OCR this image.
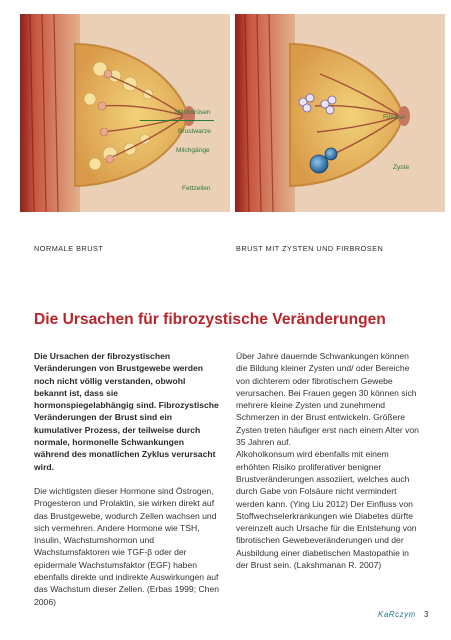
Milchdrüsen
Brustwarze
Milchgänge
Fettzellen
Fibrose
Zyste
NORMALE BRUST	BRUST MIT ZYSTEN UND FIRBROSEN
Die Ursachen für fibrozystische Veränderungen

Die Ursachen der fibrozystischen Veränderungen von Brustgewebe werden noch nicht völlig verstanden, obwohl bekannt ist, dass sie hormonspiegelabhängig sind. Fibrozystische Veränderungen der Brust sind ein kumulativer Prozess, der teilweise durch normale, hormonelle Schwankungen während des monatlichen Zyklus verursacht wird.

Die wichtigsten dieser Hormone sind Östrogen, Progesteron und Prolaktin, sie wirken direkt auf das Brustgewebe, wodurch Zellen wachsen und sich vermehren. Andere Hormone wie TSH, Insulin, Wachstumshormon und Wachstumsfaktoren wie TGF-β oder der epidermale Wachstumsfaktor (EGF) haben ebenfalls direkte und indirekte Auswirkungen auf das Wachstum dieser Zellen. (Erbas 1999; Chen 2006)

Über Jahre dauernde Schwankungen können die Bildung kleiner Zysten und/ oder Bereiche von dichterem oder fibrotischem Gewebe verursachen. Bei Frauen gegen 30 können sich mehrere kleine Zysten und zunehmend Schmerzen in der Brust entwickeln. Größere Zysten treten häufiger erst nach einem Alter von 35 Jahren auf.

Alkoholkonsum wird ebenfalls mit einem erhöhten Risiko proliferativer benigner Brustveränderungen assoziiert, welches auch durch Gabe von Folsäure nicht vermindert werden kann. (Ying Liu 2012) Der Einfluss von Stoffwechselerkrankungen wie Diabetes dürfte vereinzelt auch Ursache für die Entstehung von fibrotischen Gewebeveränderungen und der Ausbildung einer diabetischen Mastopathie in der Brust sein. (Lakshmanan R. 2007)

KaRczym 3
